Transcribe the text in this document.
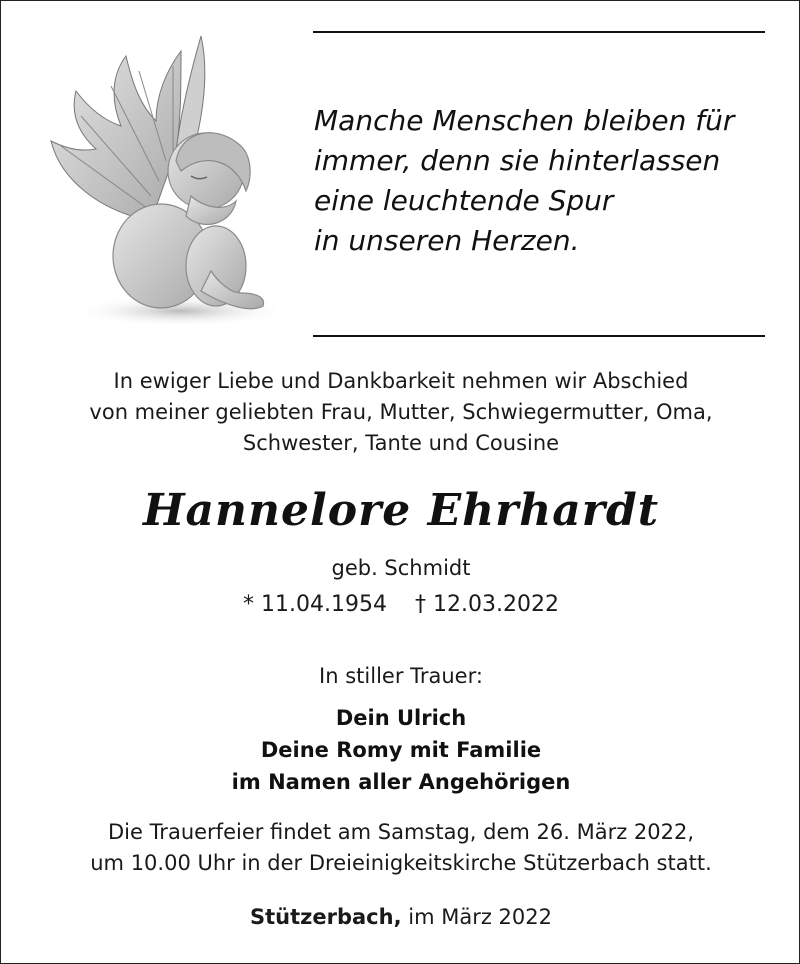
Manche Menschen bleiben für
immer, denn sie hinterlassen
eine leuchtende Spur
in unseren Herzen.
In ewiger Liebe und Dankbarkeit nehmen wir Abschied
von meiner geliebten Frau, Mutter, Schwiegermutter, Oma,
Schwester, Tante und Cousine
Hannelore Ehrhardt
geb. Schmidt
* 11.04.1954 † 12.03.2022
In stiller Trauer:
Dein Ulrich
Deine Romy mit Familie
im Namen aller Angehörigen
Die Trauerfeier findet am Samstag, dem 26. März 2022,
um 10.00 Uhr in der Dreieinigkeitskirche Stützerbach statt.
Stützerbach, im März 2022
